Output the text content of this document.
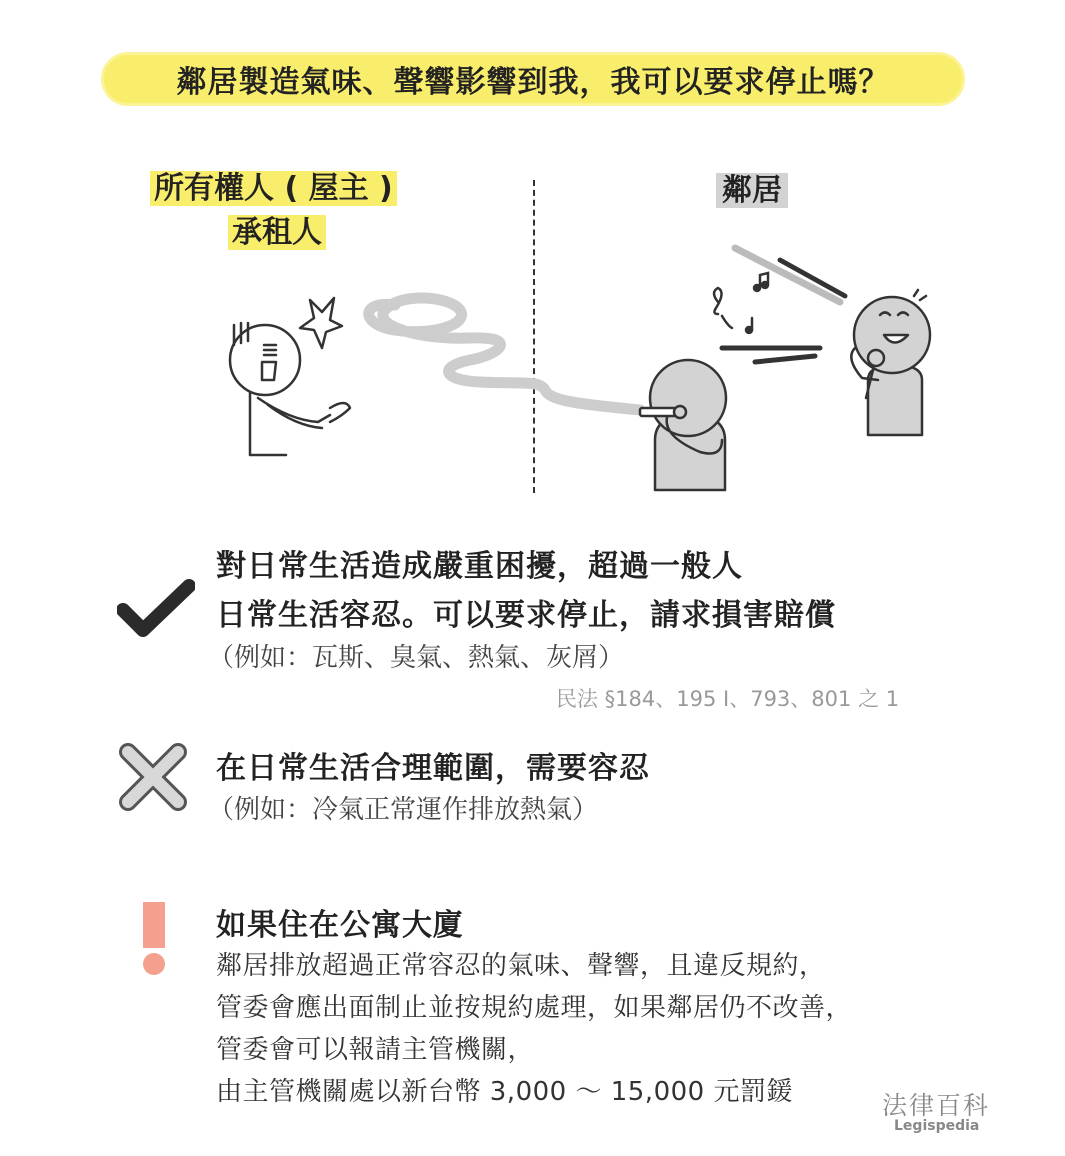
鄰居製造氣味、聲響影響到我，我可以要求停止嗎？
所有權人 ( 屋主 )
承租人
鄰居
對日常生活造成嚴重困擾，超過一般人
日常生活容忍。可以要求停止，請求損害賠償
（例如：瓦斯、臭氣、熱氣、灰屑）
民法 §184、195 I、793、801 之 1
在日常生活合理範圍，需要容忍
（例如：冷氣正常運作排放熱氣）
如果住在公寓大廈
鄰居排放超過正常容忍的氣味、聲響，且違反規約，
管委會應出面制止並按規約處理，如果鄰居仍不改善，
管委會可以報請主管機關，
由主管機關處以新台幣 3,000 ～ 15,000 元罰鍰	法律百科
Legispedia
